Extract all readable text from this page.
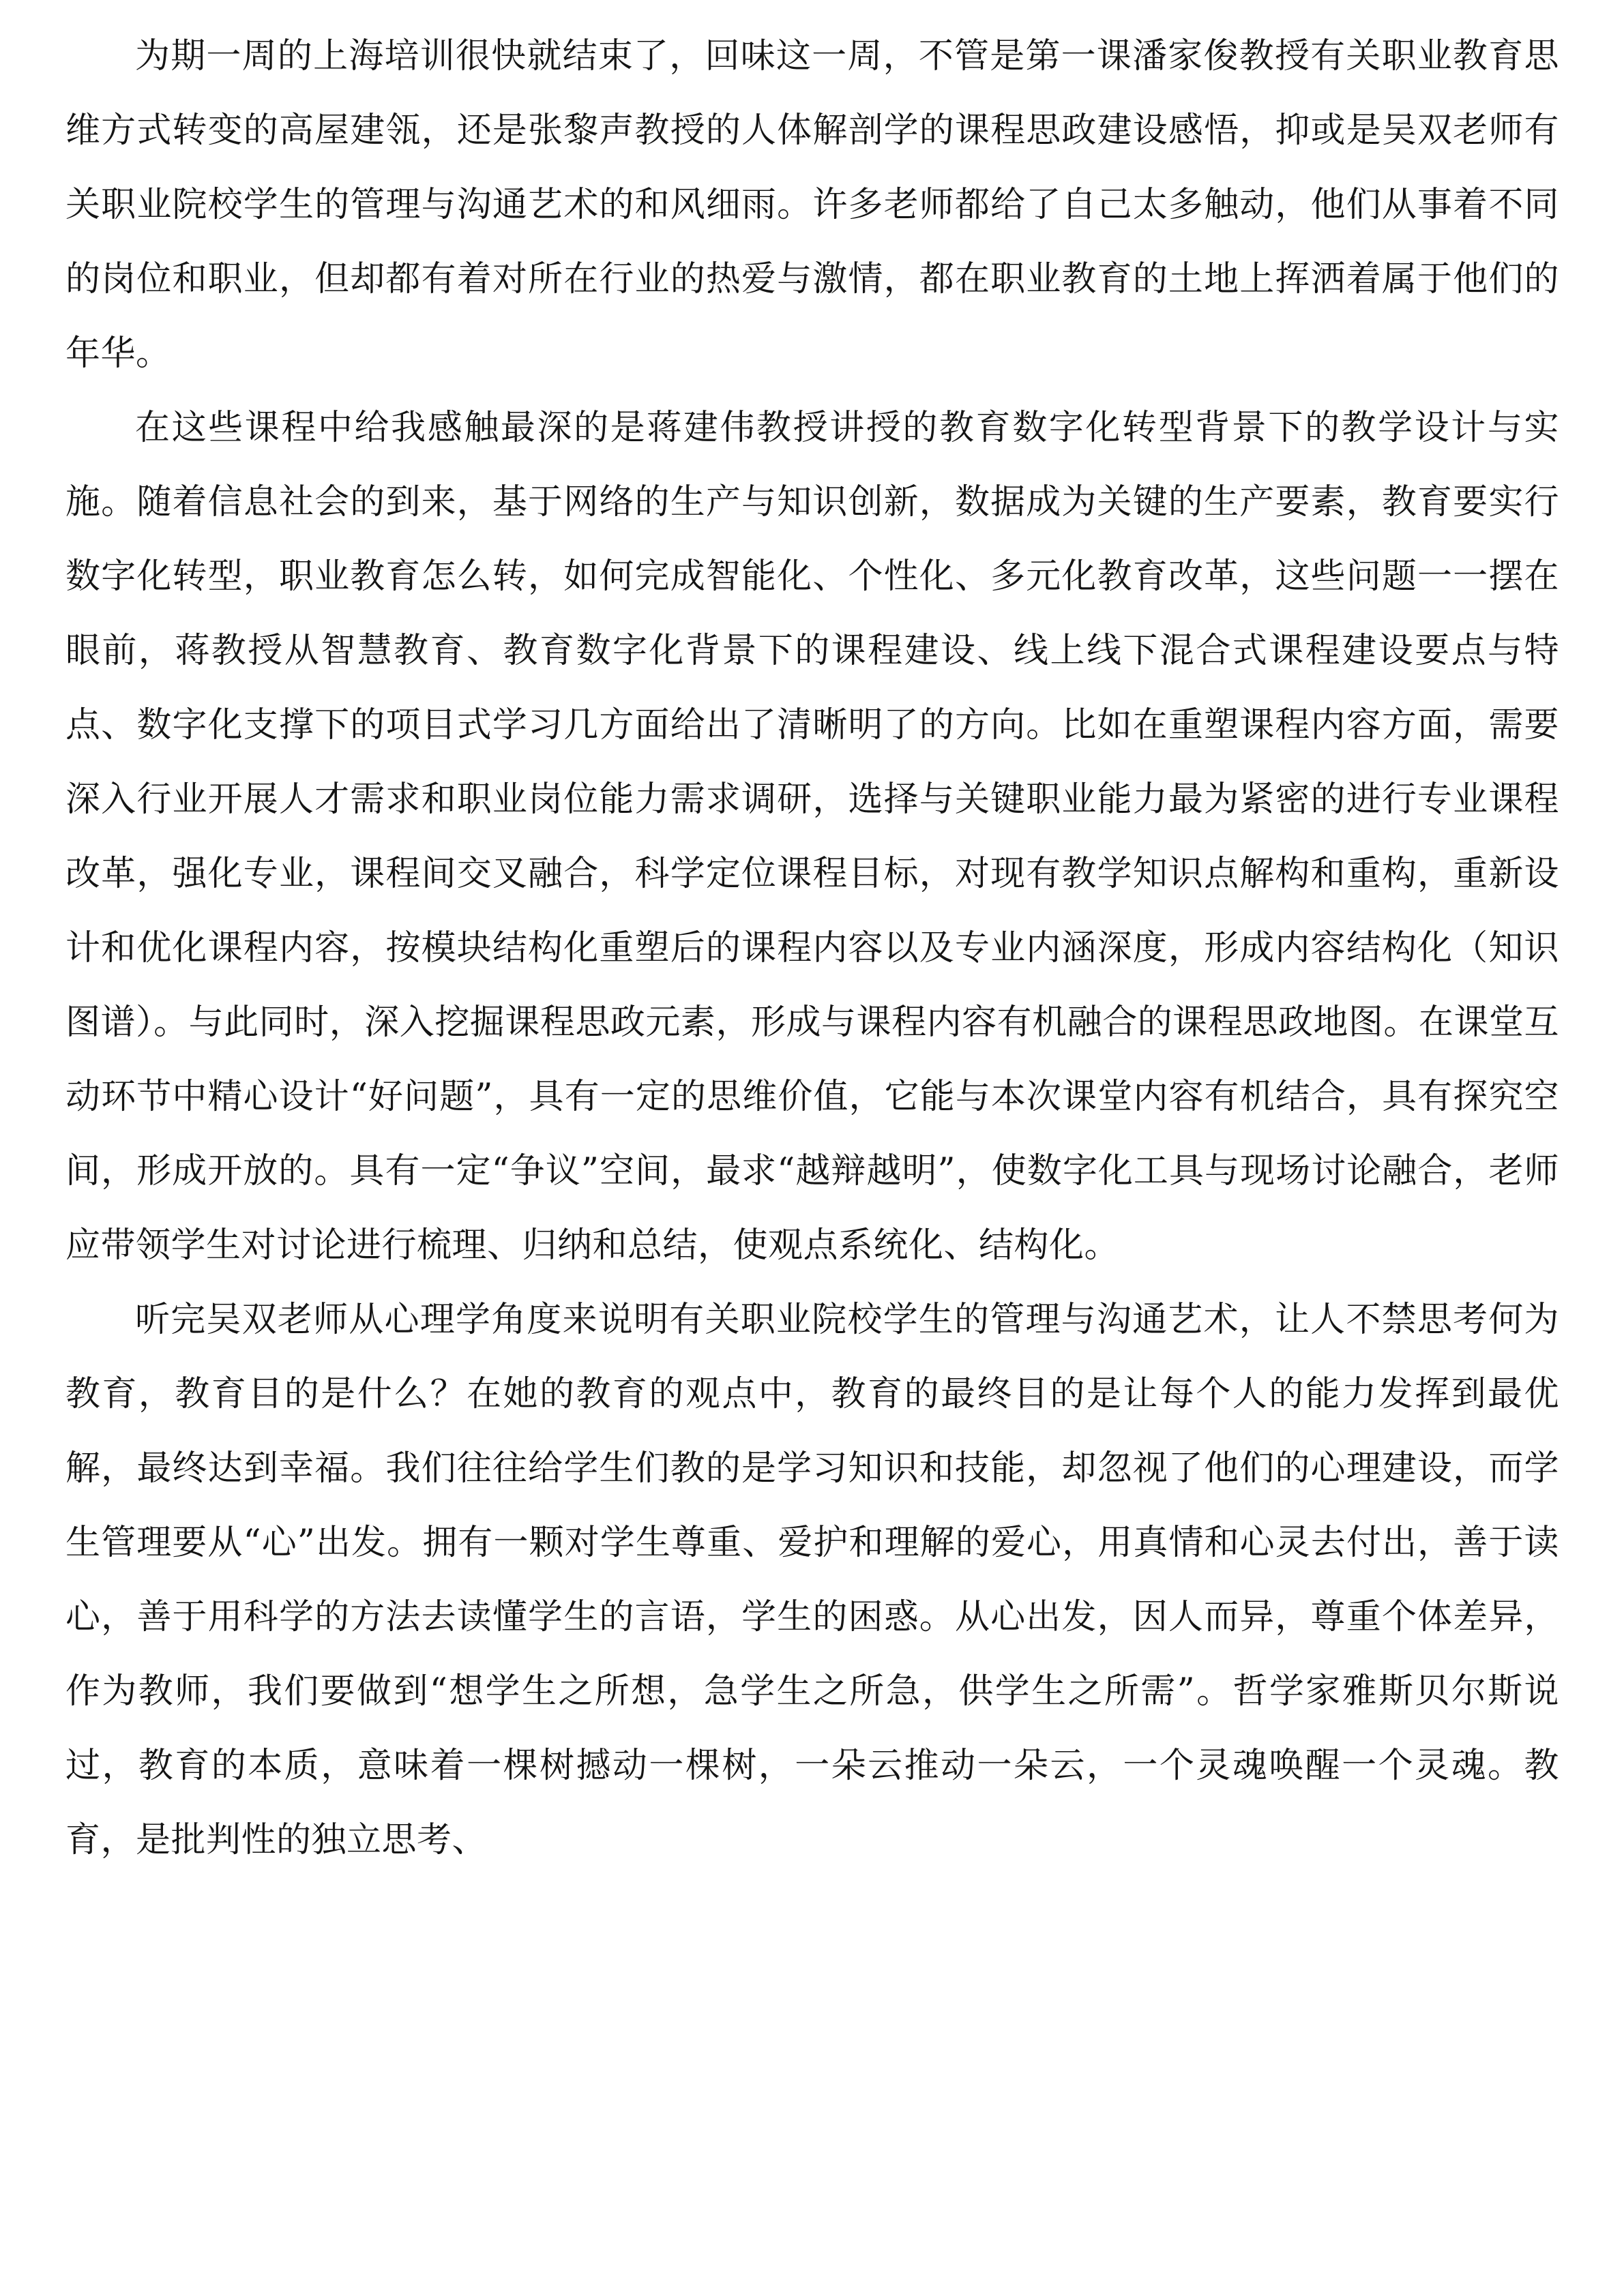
为期一周的上海培训很快就结束了，回味这一周，不管是第一课潘家俊教授有关职业教育思维方式转变的高屋建瓴，还是张黎声教授的人体解剖学的课程思政建设感悟，抑或是吴双老师有关职业院校学生的管理与沟通艺术的和风细雨。许多老师都给了自己太多触动，他们从事着不同的岗位和职业，但却都有着对所在行业的热爱与激情，都在职业教育的土地上挥洒着属于他们的年华。

在这些课程中给我感触最深的是蒋建伟教授讲授的教育数字化转型背景下的教学设计与实施。随着信息社会的到来，基于网络的生产与知识创新，数据成为关键的生产要素，教育要实行数字化转型，职业教育怎么转，如何完成智能化、个性化、多元化教育改革，这些问题一一摆在眼前，蒋教授从智慧教育、教育数字化背景下的课程建设、线上线下混合式课程建设要点与特点、数字化支撑下的项目式学习几方面给出了清晰明了的方向。比如在重塑课程内容方面，需要深入行业开展人才需求和职业岗位能力需求调研，选择与关键职业能力最为紧密的进行专业课程改革，强化专业，课程间交叉融合，科学定位课程目标，对现有教学知识点解构和重构，重新设计和优化课程内容，按模块结构化重塑后的课程内容以及专业内涵深度，形成内容结构化（知识图谱）。与此同时，深入挖掘课程思政元素，形成与课程内容有机融合的课程思政地图。在课堂互动环节中精心设计“好问题”，具有一定的思维价值，它能与本次课堂内容有机结合，具有探究空间，形成开放的。具有一定“争议”空间，最求“越辩越明”，使数字化工具与现场讨论融合，老师应带领学生对讨论进行梳理、归纳和总结，使观点系统化、结构化。

听完吴双老师从心理学角度来说明有关职业院校学生的管理与沟通艺术，让人不禁思考何为教育，教育目的是什么？在她的教育的观点中，教育的最终目的是让每个人的能力发挥到最优解，最终达到幸福。我们往往给学生们教的是学习知识和技能，却忽视了他们的心理建设，而学生管理要从“心”出发。拥有一颗对学生尊重、爱护和理解的爱心，用真情和心灵去付出，善于读心，善于用科学的方法去读懂学生的言语，学生的困惑。从心出发，因人而异，尊重个体差异，作为教师，我们要做到“想学生之所想，急学生之所急，供学生之所需”。哲学家雅斯贝尔斯说过，教育的本质，意味着一棵树撼动一棵树，一朵云推动一朵云，一个灵魂唤醒一个灵魂。教育，是批判性的独立思考、
